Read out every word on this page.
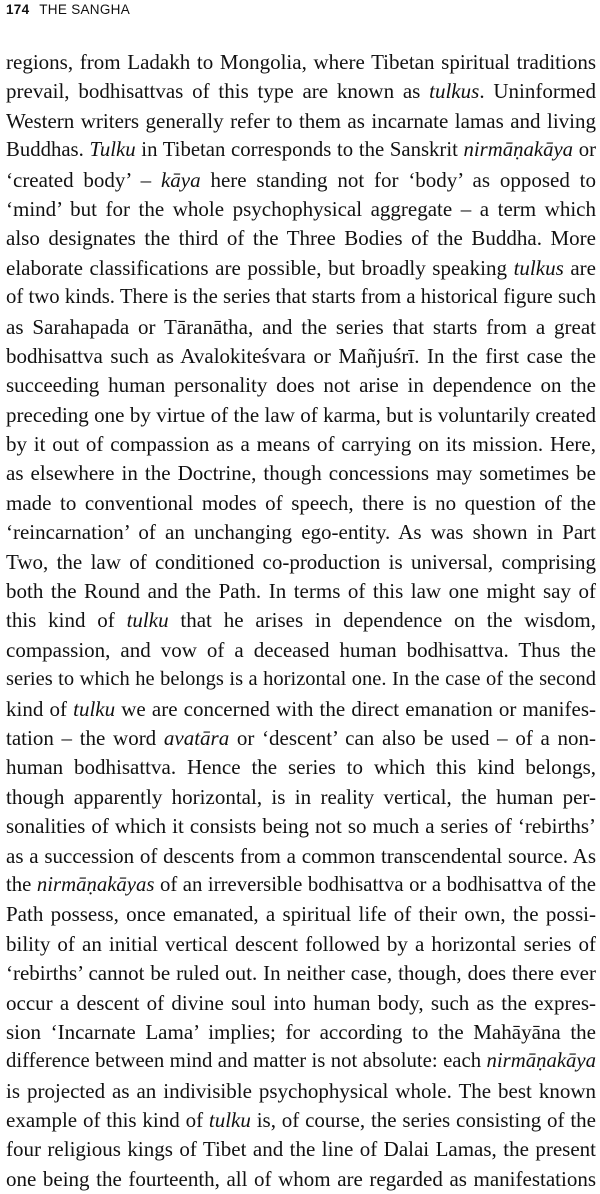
174 THE SANGHA
regions, from Ladakh to Mongolia, where Tibetan spiritual traditions
prevail, bodhisattvas of this type are known as tulkus. Uninformed
Western writers generally refer to them as incarnate lamas and living
Buddhas. Tulku in Tibetan corresponds to the Sanskrit nirmāṇakāya or
‘created body’ – kāya here standing not for ‘body’ as opposed to
‘mind’ but for the whole psychophysical aggregate – a term which
also designates the third of the Three Bodies of the Buddha. More
elaborate classifications are possible, but broadly speaking tulkus are
of two kinds. There is the series that starts from a historical figure such
as Sarahapada or Tāranātha, and the series that starts from a great
bodhisattva such as Avalokiteśvara or Mañjuśrī. In the first case the
succeeding human personality does not arise in dependence on the
preceding one by virtue of the law of karma, but is voluntarily created
by it out of compassion as a means of carrying on its mission. Here,
as elsewhere in the Doctrine, though concessions may sometimes be
made to conventional modes of speech, there is no question of the
‘reincarnation’ of an unchanging ego-entity. As was shown in Part
Two, the law of conditioned co-production is universal, comprising
both the Round and the Path. In terms of this law one might say of
this kind of tulku that he arises in dependence on the wisdom,
compassion, and vow of a deceased human bodhisattva. Thus the
series to which he belongs is a horizontal one. In the case of the second
kind of tulku we are concerned with the direct emanation or manifes-
tation – the word avatāra or ‘descent’ can also be used – of a non-
human bodhisattva. Hence the series to which this kind belongs,
though apparently horizontal, is in reality vertical, the human per-
sonalities of which it consists being not so much a series of ‘rebirths’
as a succession of descents from a common transcendental source. As
the nirmāṇakāyas of an irreversible bodhisattva or a bodhisattva of the
Path possess, once emanated, a spiritual life of their own, the possi-
bility of an initial vertical descent followed by a horizontal series of
‘rebirths’ cannot be ruled out. In neither case, though, does there ever
occur a descent of divine soul into human body, such as the expres-
sion ‘Incarnate Lama’ implies; for according to the Mahāyāna the
difference between mind and matter is not absolute: each nirmāṇakāya
is projected as an indivisible psychophysical whole. The best known
example of this kind of tulku is, of course, the series consisting of the
four religious kings of Tibet and the line of Dalai Lamas, the present
one being the fourteenth, all of whom are regarded as manifestations
